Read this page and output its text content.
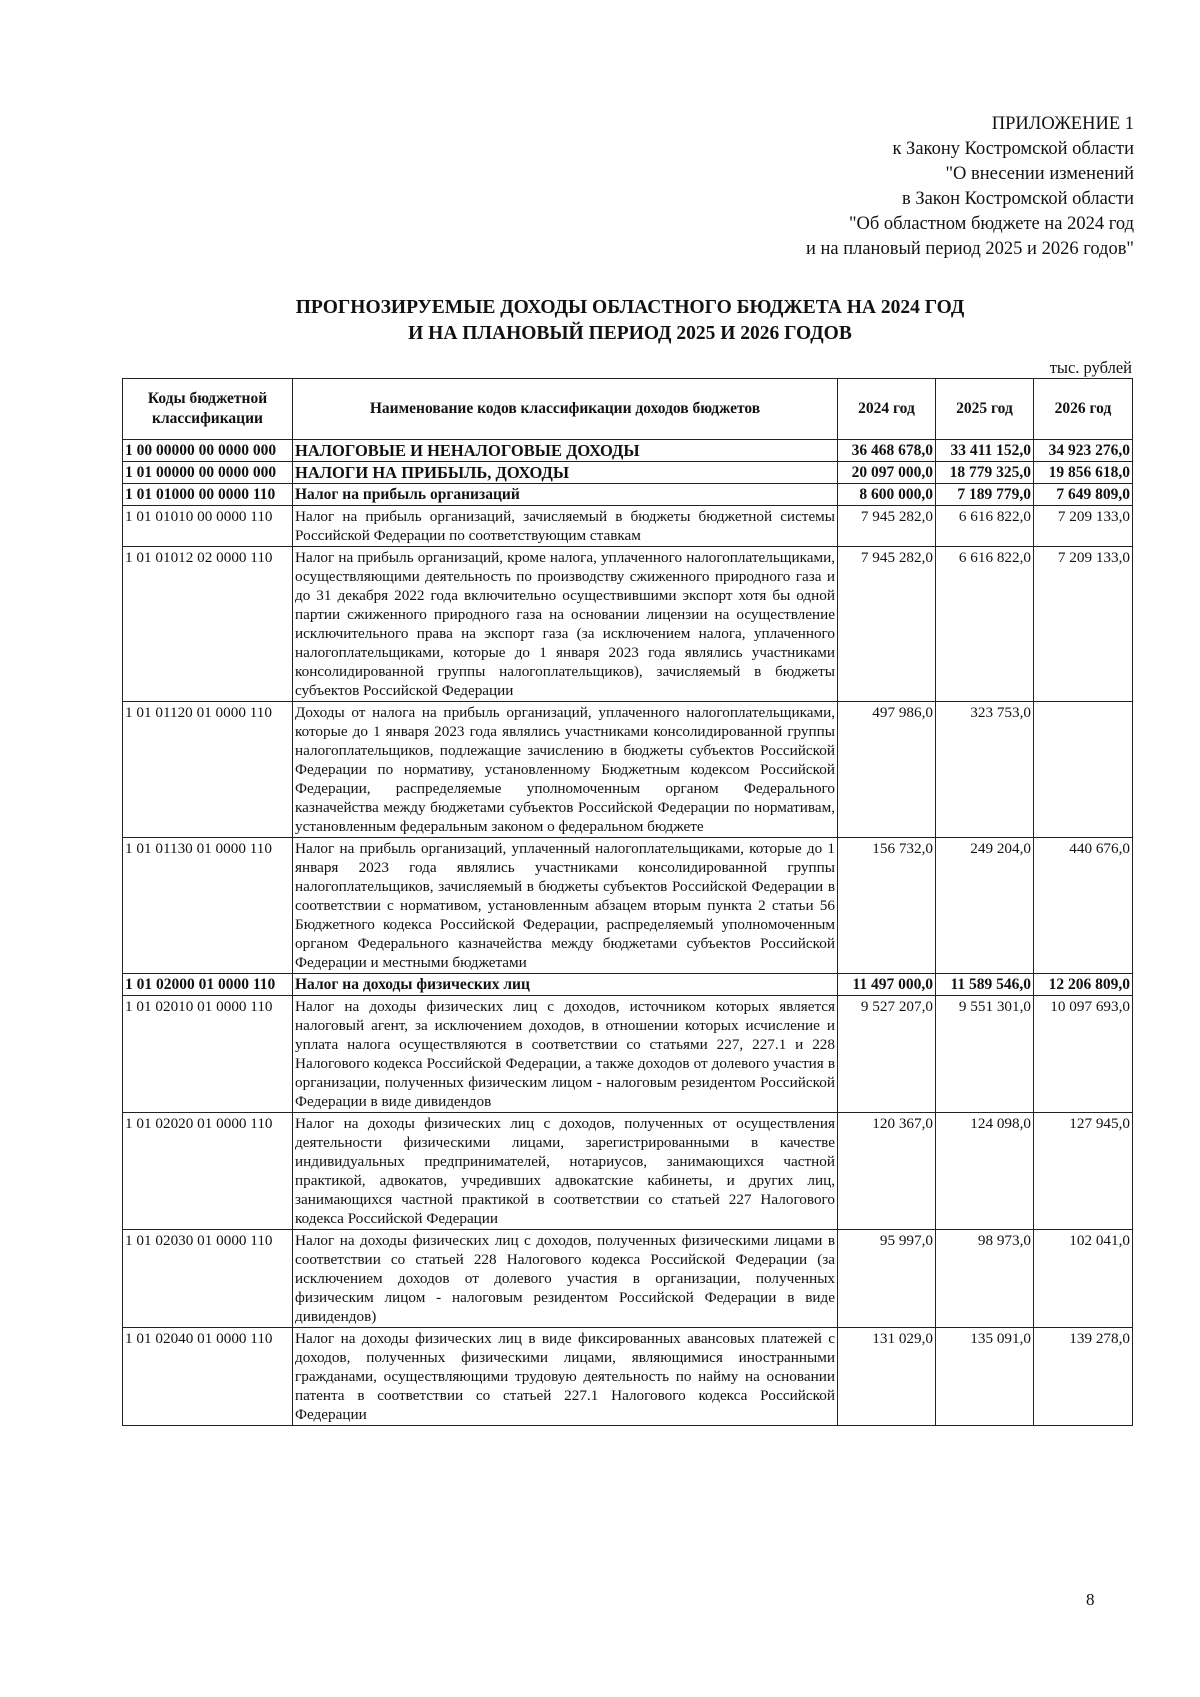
ПРИЛОЖЕНИЕ 1
к Закону Костромской области
"О внесении изменений
в Закон Костромской области
"Об областном бюджете на 2024 год
и на плановый период 2025 и 2026 годов"
ПРОГНОЗИРУЕМЫЕ ДОХОДЫ ОБЛАСТНОГО БЮДЖЕТА НА 2024 ГОД
И НА ПЛАНОВЫЙ ПЕРИОД 2025 И 2026 ГОДОВ
тыс. рублей
Коды бюджетной классификации	Наименование кодов классификации доходов бюджетов	2024 год	2025 год	2026 год
1 00 00000 00 0000 000	НАЛОГОВЫЕ И НЕНАЛОГОВЫЕ ДОХОДЫ	36 468 678,0	33 411 152,0	34 923 276,0
1 01 00000 00 0000 000	НАЛОГИ НА ПРИБЫЛЬ, ДОХОДЫ	20 097 000,0	18 779 325,0	19 856 618,0
1 01 01000 00 0000 110	Налог на прибыль организаций	8 600 000,0	7 189 779,0	7 649 809,0
1 01 01010 00 0000 110	Налог на прибыль организаций, зачисляемый в бюджеты бюджетной системы Российской Федерации по соответствующим ставкам	7 945 282,0	6 616 822,0	7 209 133,0
1 01 01012 02 0000 110	Налог на прибыль организаций, кроме налога, уплаченного налогоплательщиками, осуществляющими деятельность по производству сжиженного природного газа и до 31 декабря 2022 года включительно осуществившими экспорт хотя бы одной партии сжиженного природного газа на основании лицензии на осуществление исключительного права на экспорт газа (за исключением налога, уплаченного налогоплательщиками, которые до 1 января 2023 года являлись участниками консолидированной группы налогоплательщиков), зачисляемый в бюджеты субъектов Российской Федерации	7 945 282,0	6 616 822,0	7 209 133,0
1 01 01120 01 0000 110	Доходы от налога на прибыль организаций, уплаченного налогоплательщиками, которые до 1 января 2023 года являлись участниками консолидированной группы налогоплательщиков, подлежащие зачислению в бюджеты субъектов Российской Федерации по нормативу, установленному Бюджетным кодексом Российской Федерации, распределяемые уполномоченным органом Федерального казначейства между бюджетами субъектов Российской Федерации по нормативам, установленным федеральным законом о федеральном бюджете	497 986,0	323 753,0	
1 01 01130 01 0000 110	Налог на прибыль организаций, уплаченный налогоплательщиками, которые до 1 января 2023 года являлись участниками консолидированной группы налогоплательщиков, зачисляемый в бюджеты субъектов Российской Федерации в соответствии с нормативом, установленным абзацем вторым пункта 2 статьи 56 Бюджетного кодекса Российской Федерации, распределяемый уполномоченным органом Федерального казначейства между бюджетами субъектов Российской Федерации и местными бюджетами	156 732,0	249 204,0	440 676,0
1 01 02000 01 0000 110	Налог на доходы физических лиц	11 497 000,0	11 589 546,0	12 206 809,0
1 01 02010 01 0000 110	Налог на доходы физических лиц с доходов, источником которых является налоговый агент, за исключением доходов, в отношении которых исчисление и уплата налога осуществляются в соответствии со статьями 227, 227.1 и 228 Налогового кодекса Российской Федерации, а также доходов от долевого участия в организации, полученных физическим лицом - налоговым резидентом Российской Федерации в виде дивидендов	9 527 207,0	9 551 301,0	10 097 693,0
1 01 02020 01 0000 110	Налог на доходы физических лиц с доходов, полученных от осуществления деятельности физическими лицами, зарегистрированными в качестве индивидуальных предпринимателей, нотариусов, занимающихся частной практикой, адвокатов, учредивших адвокатские кабинеты, и других лиц, занимающихся частной практикой в соответствии со статьей 227 Налогового кодекса Российской Федерации	120 367,0	124 098,0	127 945,0
1 01 02030 01 0000 110	Налог на доходы физических лиц с доходов, полученных физическими лицами в соответствии со статьей 228 Налогового кодекса Российской Федерации (за исключением доходов от долевого участия в организации, полученных физическим лицом - налоговым резидентом Российской Федерации в виде дивидендов)	95 997,0	98 973,0	102 041,0
1 01 02040 01 0000 110	Налог на доходы физических лиц в виде фиксированных авансовых платежей с доходов, полученных физическими лицами, являющимися иностранными гражданами, осуществляющими трудовую деятельность по найму на основании патента в соответствии со статьей 227.1 Налогового кодекса Российской Федерации	131 029,0	135 091,0	139 278,0
8
